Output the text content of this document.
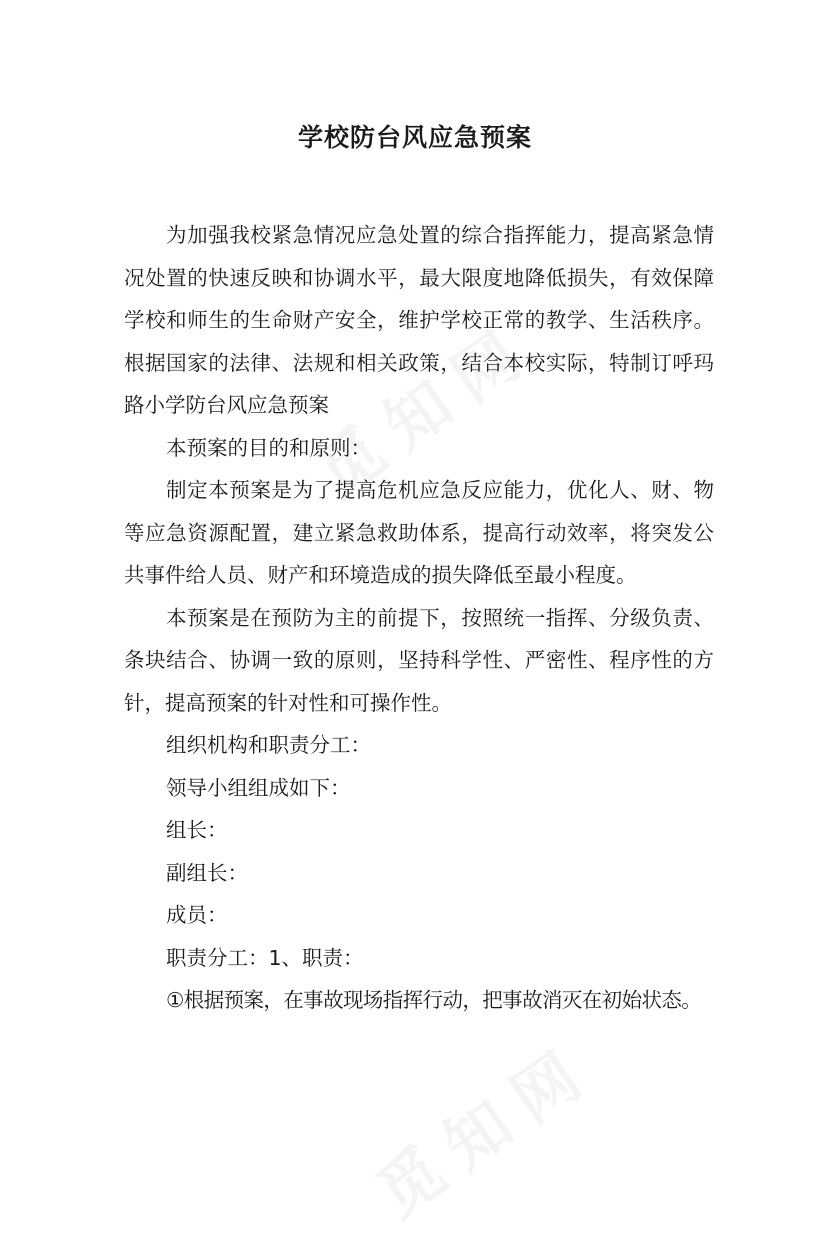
学校防台风应急预案

为加强我校紧急情况应急处置的综合指挥能力，提高紧急情况处置的快速反映和协调水平，最大限度地降低损失，有效保障学校和师生的生命财产安全，维护学校正常的教学、生活秩序。根据国家的法律、法规和相关政策，结合本校实际，特制订呼玛路小学防台风应急预案

本预案的目的和原则：

制定本预案是为了提高危机应急反应能力，优化人、财、物等应急资源配置，建立紧急救助体系，提高行动效率，将突发公共事件给人员、财产和环境造成的损失降低至最小程度。

本预案是在预防为主的前提下，按照统一指挥、分级负责、条块结合、协调一致的原则，坚持科学性、严密性、程序性的方针，提高预案的针对性和可操作性。

组织机构和职责分工：

领导小组组成如下：

组长：

副组长：

成员：

职责分工：1、职责：

①根据预案，在事故现场指挥行动，把事故消灭在初始状态。
